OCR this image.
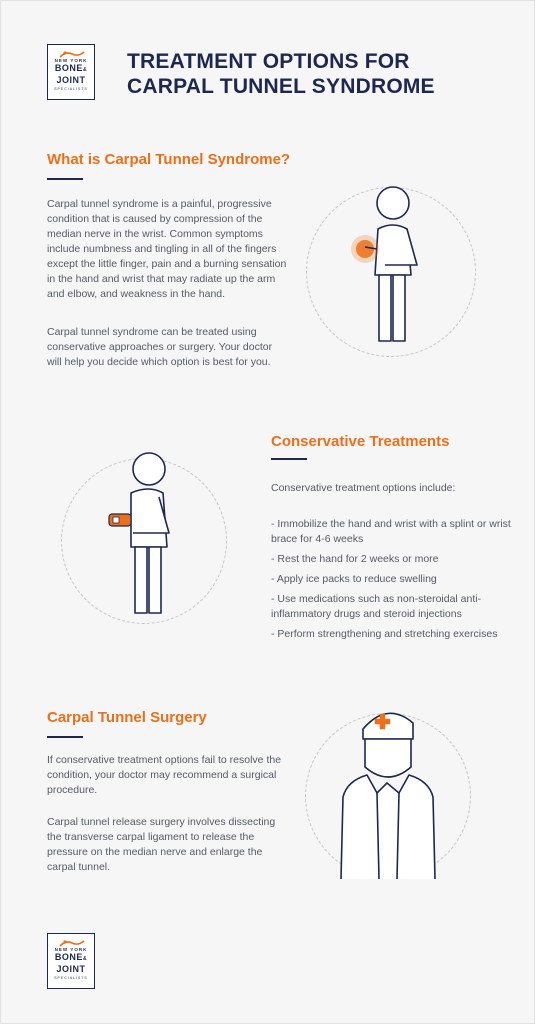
NEW YORK
BONE&
JOINT
SPECIALISTS
TREATMENT OPTIONS FOR
CARPAL TUNNEL SYNDROME
What is Carpal Tunnel Syndrome?

Carpal tunnel syndrome is a painful, progressive condition that is caused by compression of the median nerve in the wrist. Common symptoms include numbness and tingling in all of the fingers except the little finger, pain and a burning sensation in the hand and wrist that may radiate up the arm and elbow, and weakness in the hand.

Carpal tunnel syndrome can be treated using conservative approaches or surgery. Your doctor will help you decide which option is best for you.

Conservative Treatments

Conservative treatment options include:

- Immobilize the hand and wrist with a splint or wrist brace for 4-6 weeks
- Rest the hand for 2 weeks or more
- Apply ice packs to reduce swelling
- Use medications such as non-steroidal anti-inflammatory drugs and steroid injections
- Perform strengthening and stretching exercises
Carpal Tunnel Surgery

If conservative treatment options fail to resolve the condition, your doctor may recommend a surgical procedure.

Carpal tunnel release surgery involves dissecting the transverse carpal ligament to release the pressure on the median nerve and enlarge the carpal tunnel.

NEW YORK
BONE&
JOINT
SPECIALISTS
